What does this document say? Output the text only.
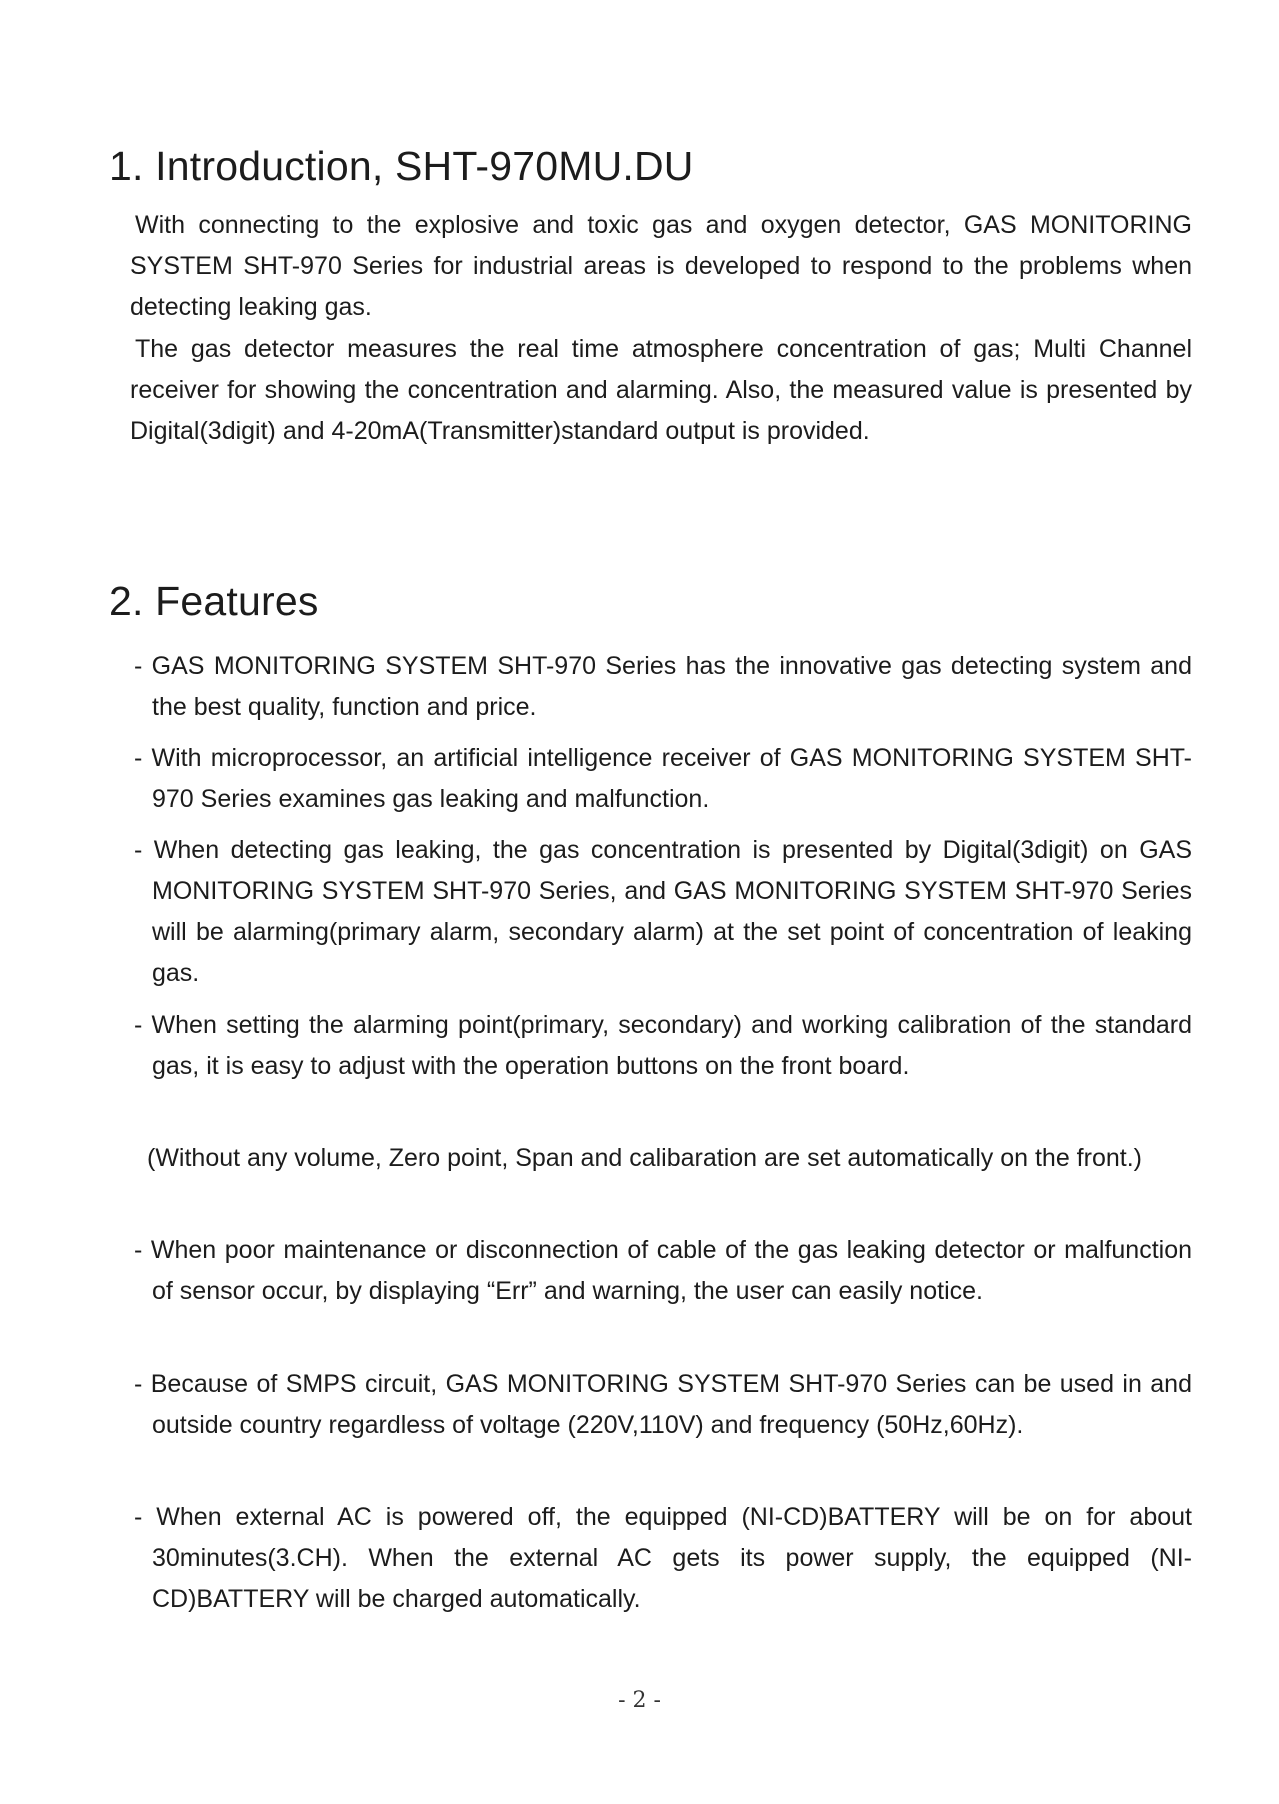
1. Introduction, SHT-970MU.DU

With connecting to the explosive and toxic gas and oxygen detector, GAS MONITORING SYSTEM SHT-970 Series for industrial areas is developed to respond to the problems when detecting leaking gas.

The gas detector measures the real time atmosphere concentration of gas; Multi Channel receiver for showing the concentration and alarming. Also, the measured value is presented by Digital(3digit) and 4-20mA(Transmitter)standard output is provided.

2. Features
- GAS MONITORING SYSTEM SHT-970 Series has the innovative gas detecting system and the best quality, function and price.
- With microprocessor, an artificial intelligence receiver of GAS MONITORING SYSTEM SHT-970 Series examines gas leaking and malfunction.
- When detecting gas leaking, the gas concentration is presented by Digital(3digit) on GAS MONITORING SYSTEM SHT-970 Series, and GAS MONITORING SYSTEM SHT-970 Series will be alarming(primary alarm, secondary alarm) at the set point of concentration of leaking gas.
- When setting the alarming point(primary, secondary) and working calibration of the standard gas, it is easy to adjust with the operation buttons on the front board.
(Without any volume, Zero point, Span and calibaration are set automatically on the front.)
- When poor maintenance or disconnection of cable of the gas leaking detector or malfunction of sensor occur, by displaying “Err” and warning, the user can easily notice.
- Because of SMPS circuit, GAS MONITORING SYSTEM SHT-970 Series can be used in and outside country regardless of voltage (220V,110V) and frequency (50Hz,60Hz).
- When external AC is powered off, the equipped (NI-CD)BATTERY will be on for about 30minutes(3.CH). When the external AC gets its power supply, the equipped (NI-CD)BATTERY will be charged automatically.
- 2 -
